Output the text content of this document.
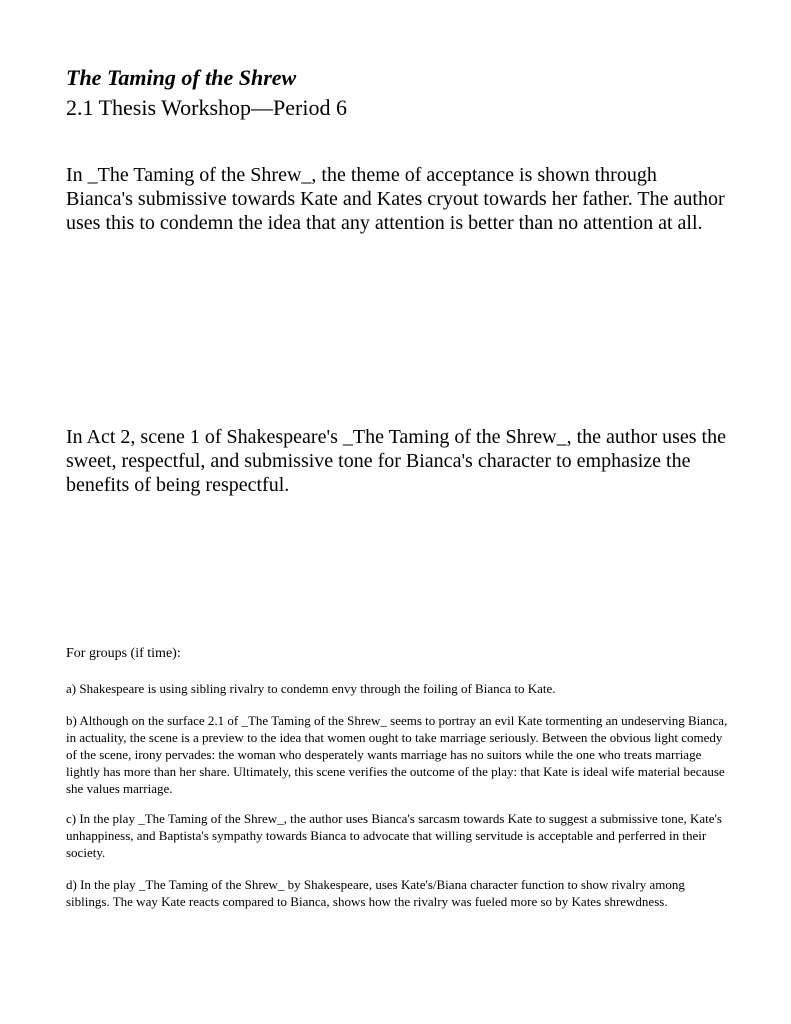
The Taming of the Shrew

2.1 Thesis Workshop—Period 6

In _The Taming of the Shrew_, the theme of acceptance is shown through Bianca's submissive towards Kate and Kates cryout towards her father. The author uses this to condemn the idea that any attention is better than no attention at all.

In Act 2, scene 1 of Shakespeare's _The Taming of the Shrew_, the author uses the sweet, respectful, and submissive tone for Bianca's character to emphasize the benefits of being respectful.

For groups (if time):

a) Shakespeare is using sibling rivalry to condemn envy through the foiling of Bianca to Kate.

b) Although on the surface 2.1 of _The Taming of the Shrew_ seems to portray an evil Kate tormenting an undeserving Bianca, in actuality, the scene is a preview to the idea that women ought to take marriage seriously. Between the obvious light comedy of the scene, irony pervades: the woman who desperately wants marriage has no suitors while the one who treats marriage lightly has more than her share. Ultimately, this scene verifies the outcome of the play: that Kate is ideal wife material because she values marriage.

c) In the play _The Taming of the Shrew_, the author uses Bianca's sarcasm towards Kate to suggest a submissive tone, Kate's unhappiness, and Baptista's sympathy towards Bianca to advocate that willing servitude is acceptable and perferred in their society.

d) In the play _The Taming of the Shrew_ by Shakespeare, uses Kate's/Biana character function to show rivalry among siblings. The way Kate reacts compared to Bianca, shows how the rivalry was fueled more so by Kates shrewdness.
